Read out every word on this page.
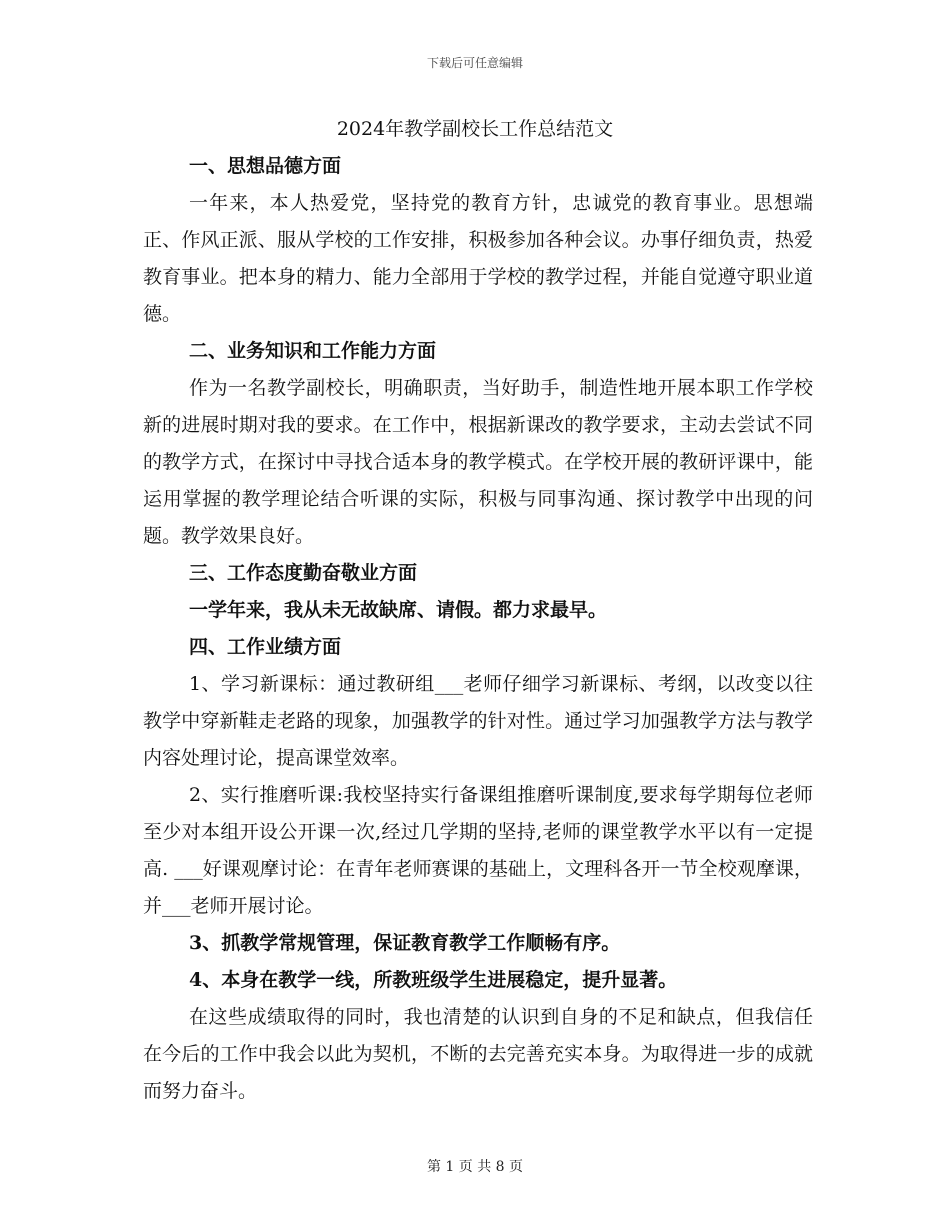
下载后可任意编辑
2024年教学副校长工作总结范文

一、思想品德方面

一年来，本人热爱党，坚持党的教育方针，忠诚党的教育事业。思想端正、作风正派、服从学校的工作安排，积极参加各种会议。办事仔细负责，热爱教育事业。把本身的精力、能力全部用于学校的教学过程，并能自觉遵守职业道德。

二、业务知识和工作能力方面

作为一名教学副校长，明确职责，当好助手，制造性地开展本职工作学校新的进展时期对我的要求。在工作中，根据新课改的教学要求，主动去尝试不同的教学方式，在探讨中寻找合适本身的教学模式。在学校开展的教研评课中，能运用掌握的教学理论结合听课的实际，积极与同事沟通、探讨教学中出现的问题。教学效果良好。

三、工作态度勤奋敬业方面

一学年来，我从未无故缺席、请假。都力求最早。

四、工作业绩方面

1、学习新课标：通过教研组___老师仔细学习新课标、考纲，以改变以往教学中穿新鞋走老路的现象，加强教学的针对性。通过学习加强教学方法与教学内容处理讨论，提高课堂效率。

2、实行推磨听课:我校坚持实行备课组推磨听课制度,要求每学期每位老师至少对本组开设公开课一次,经过几学期的坚持,老师的课堂教学水平以有一定提高. ___好课观摩讨论：在青年老师赛课的基础上，文理科各开一节全校观摩课，并___老师开展讨论。

3、抓教学常规管理，保证教育教学工作顺畅有序。

4、本身在教学一线，所教班级学生进展稳定，提升显著。

在这些成绩取得的同时，我也清楚的认识到自身的不足和缺点，但我信任在今后的工作中我会以此为契机，不断的去完善充实本身。为取得进一步的成就而努力奋斗。

第 1 页 共 8 页
